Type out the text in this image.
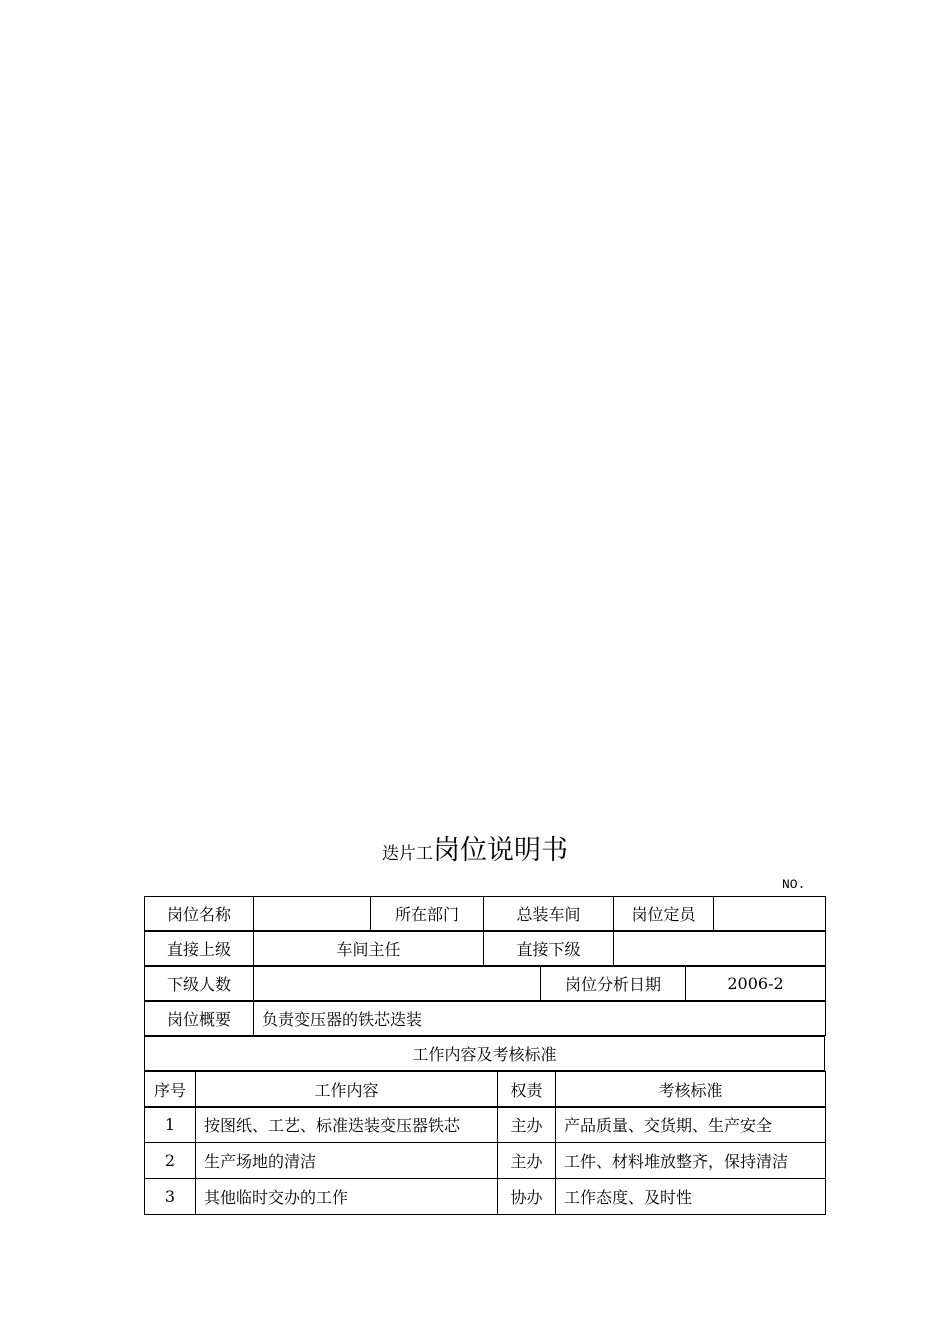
迭片工岗位说明书
NO.
岗位名称		所在部门	总装车间	岗位定员	
直接上级	车间主任	直接下级	
下级人数		岗位分析日期	2006-2
岗位概要	负责变压器的铁芯迭装
工作内容及考核标准
序号	工作内容	权责	考核标准
1	按图纸、工艺、标准迭装变压器铁芯	主办	产品质量、交货期、生产安全
2	生产场地的清洁	主办	工件、材料堆放整齐，保持清洁
3	其他临时交办的工作	协办	工作态度、及时性
